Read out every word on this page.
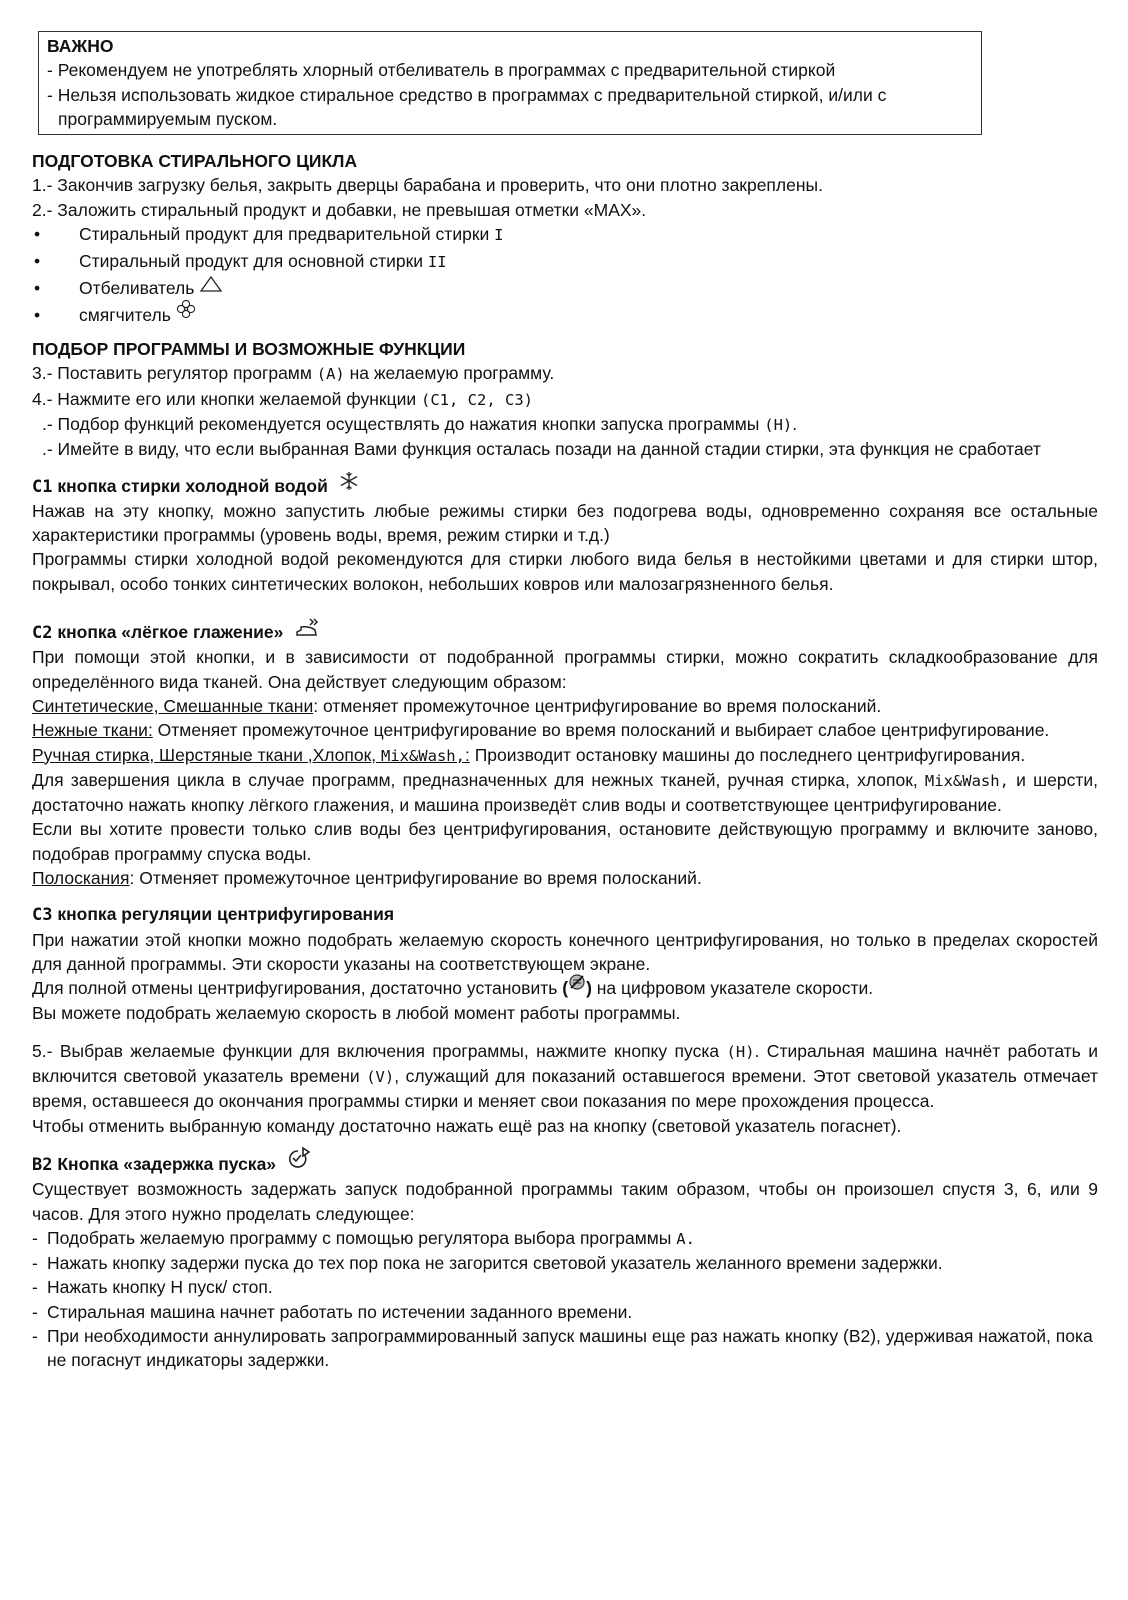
ВАЖНО
- Рекомендуем не употреблять хлорный отбеливатель в программах с предварительной стиркой
- Нельзя использовать жидкое стиральное средство в программах с предварительной стиркой, и/или с программируемым пуском.
ПОДГОТОВКА СТИРАЛЬНОГО ЦИКЛА
1.- Закончив загрузку белья, закрыть дверцы барабана и проверить, что они плотно закреплены.
2.- Заложить стиральный продукт и добавки, не превышая отметки «MAX».
• Стиральный продукт для предварительной стирки I
• Стиральный продукт для основной стирки II
• Отбеливатель
• смягчитель
ПОДБОР ПРОГРАММЫ И ВОЗМОЖНЫЕ ФУНКЦИИ
3.- Поставить регулятор программ (A) на желаемую программу.
4.- Нажмите его или кнопки желаемой функции (C1, C2, C3)
.- Подбор функций рекомендуется осуществлять до нажатия кнопки запуска программы (H).
.- Имейте в виду, что если выбранная Вами функция осталась позади на данной стадии стирки, эта функция не сработает
C1 кнопка стирки холодной водой
Нажав на эту кнопку, можно запустить любые режимы стирки без подогрева воды, одновременно сохраняя все остальные характеристики программы (уровень воды, время, режим стирки и т.д.)
Программы стирки холодной водой рекомендуются для стирки любого вида белья в нестойкими цветами и для стирки штор, покрывал, особо тонких синтетических волокон, небольших ковров или малозагрязненного белья.
C2 кнопка «лёгкое глажение»
При помощи этой кнопки, и в зависимости от подобранной программы стирки, можно сократить складкообразование для определённого вида тканей. Она действует следующим образом:
Синтетические, Смешанные ткани: отменяет промежуточное центрифугирование во время полосканий.
Нежные ткани: Отменяет промежуточное центрифугирование во время полосканий и выбирает слабое центрифугирование.
Ручная стирка, Шерстяные ткани ,Хлопок, Mix&Wash,: Производит остановку машины до последнего центрифугирования.
Для завершения цикла в случае программ, предназначенных для нежных тканей, ручная стирка, хлопок, Mix&Wash, и шерсти, достаточно нажать кнопку лёгкого глажения, и машина произведёт слив воды и соответствующее центрифугирование.
Если вы хотите провести только слив воды без центрифугирования, остановите действующую программу и включите заново, подобрав программу спуска воды.
Полоскания: Отменяет промежуточное центрифугирование во время полосканий.
C3 кнопка регуляции центрифугирования
При нажатии этой кнопки можно подобрать желаемую скорость конечного центрифугирования, но только в пределах скоростей для данной программы. Эти скорости указаны на соответствующем экране.
Для полной отмены центрифугирования, достаточно установить ( ) на цифровом указателе скорости.
Вы можете подобрать желаемую скорость в любой момент работы программы.
5.- Выбрав желаемые функции для включения программы, нажмите кнопку пуска (H). Стиральная машина начнёт работать и включится световой указатель времени (V), служащий для показаний оставшегося времени. Этот световой указатель отмечает время, оставшееся до окончания программы стирки и меняет свои показания по мере прохождения процесса.
Чтобы отменить выбранную команду достаточно нажать ещё раз на кнопку (световой указатель погаснет).
B2 Кнопка «задержка пуска»
Существует возможность задержать запуск подобранной программы таким образом, чтобы он произошел спустя 3, 6, или 9 часов. Для этого нужно проделать следующее:
- Подобрать желаемую программу с помощью регулятора выбора программы A.
- Нажать кнопку задержи пуска до тех пор пока не загорится световой указатель желанного времени задержки.
- Нажать кнопку H пуск/ стоп.
- Стиральная машина начнет работать по истечении заданного времени.
- При необходимости аннулировать запрограммированный запуск машины еще раз нажать кнопку (B2), удерживая нажатой, пока не погаснут индикаторы задержки.
